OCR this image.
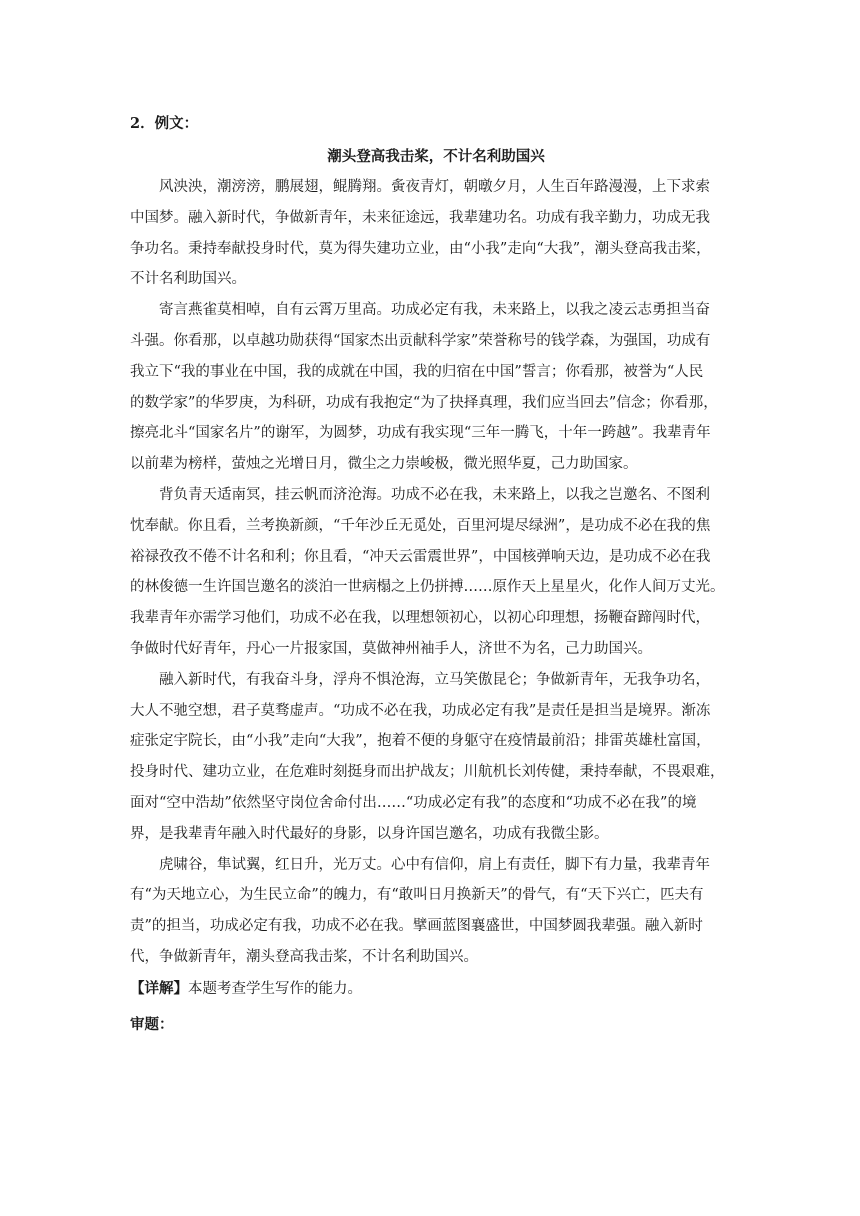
2．例文：
潮头登高我击桨，不计名利助国兴
风泱泱，潮滂滂，鹏展翅，鲲腾翔。夤夜青灯，朝暾夕月，人生百年路漫漫，上下求索
中国梦。融入新时代，争做新青年，未来征途远，我辈建功名。功成有我辛勤力，功成无我
争功名。秉持奉献投身时代，莫为得失建功立业，由“小我”走向“大我”，潮头登高我击桨，
不计名利助国兴。
寄言燕雀莫相啅，自有云霄万里高。功成必定有我，未来路上，以我之凌云志勇担当奋
斗强。你看那，以卓越功勋获得“国家杰出贡献科学家”荣誉称号的钱学森，为强国，功成有
我立下“我的事业在中国，我的成就在中国，我的归宿在中国”誓言；你看那，被誉为“人民
的数学家”的华罗庚，为科研，功成有我抱定“为了抉择真理，我们应当回去”信念；你看那，
擦亮北斗“国家名片”的谢军，为圆梦，功成有我实现“三年一腾飞，十年一跨越”。我辈青年
以前辈为榜样，萤烛之光增日月，微尘之力崇峻极，微光照华夏，己力助国家。
背负青天适南冥，挂云帆而济沧海。功成不必在我，未来路上，以我之岂邀名、不图利
忱奉献。你且看，兰考换新颜，“千年沙丘无觅处，百里河堤尽绿洲”，是功成不必在我的焦
裕禄孜孜不倦不计名和利；你且看，“冲天云雷震世界”，中国核弹响天边，是功成不必在我
的林俊德一生许国岂邀名的淡泊一世病榻之上仍拼搏……原作天上星星火，化作人间万丈光。
我辈青年亦需学习他们，功成不必在我，以理想领初心，以初心印理想，扬鞭奋蹄闯时代，
争做时代好青年，丹心一片报家国，莫做神州袖手人，济世不为名，己力助国兴。
融入新时代，有我奋斗身，浮舟不惧沧海，立马笑傲昆仑；争做新青年，无我争功名，
大人不驰空想，君子莫骛虚声。“功成不必在我，功成必定有我”是责任是担当是境界。渐冻
症张定宇院长，由“小我”走向“大我”，抱着不便的身躯守在疫情最前沿；排雷英雄杜富国，
投身时代、建功立业，在危难时刻挺身而出护战友；川航机长刘传健，秉持奉献，不畏艰难，
面对“空中浩劫”依然坚守岗位舍命付出……“功成必定有我”的态度和“功成不必在我”的境
界，是我辈青年融入时代最好的身影，以身许国岂邀名，功成有我微尘影。
虎啸谷，隼试翼，红日升，光万丈。心中有信仰，肩上有责任，脚下有力量，我辈青年
有“为天地立心，为生民立命”的魄力，有“敢叫日月换新天”的骨气，有“天下兴亡，匹夫有
责”的担当，功成必定有我，功成不必在我。擘画蓝图襄盛世，中国梦圆我辈强。融入新时
代，争做新青年，潮头登高我击桨，不计名利助国兴。
【详解】本题考查学生写作的能力。
审题：
